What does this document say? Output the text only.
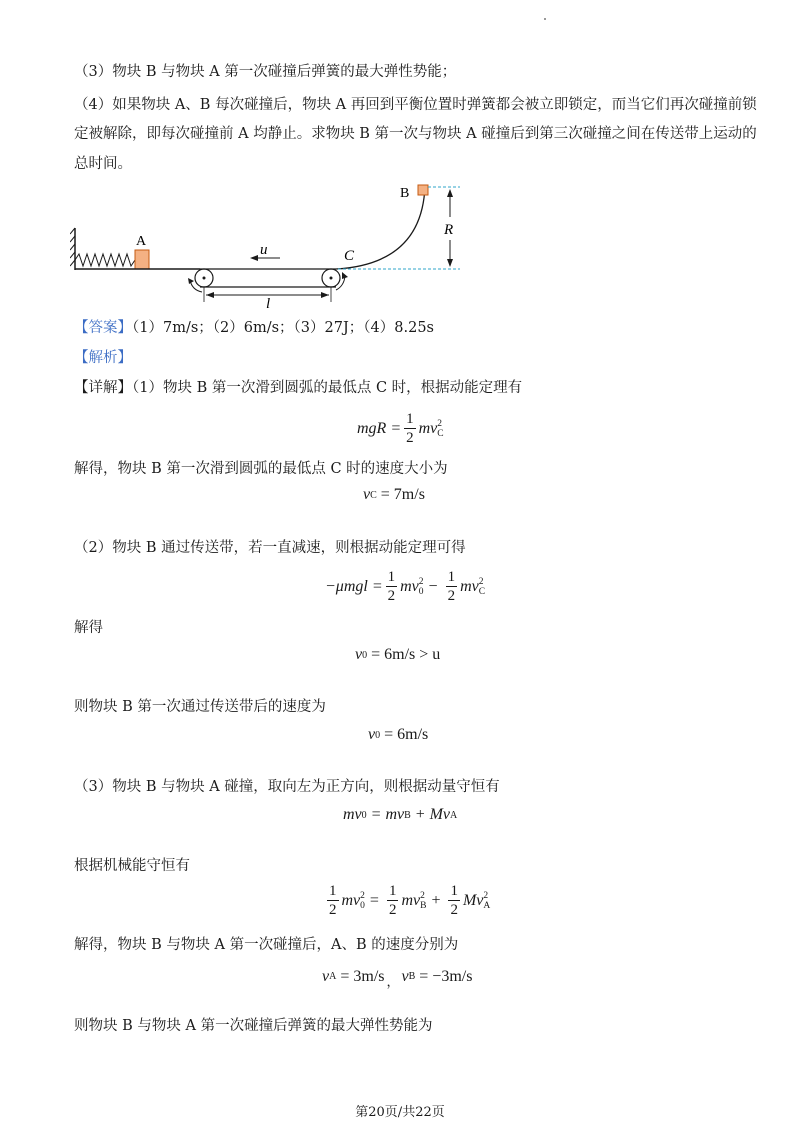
（3）物块 B 与物块 A 第一次碰撞后弹簧的最大弹性势能；
（4）如果物块 A、B 每次碰撞后，物块 A 再回到平衡位置时弹簧都会被立即锁定，而当它们再次碰撞前锁
定被解除，即每次碰撞前 A 均静止。求物块 B 第一次与物块 A 碰撞后到第三次碰撞之间在传送带上运动的
总时间。
A
u
l
C
B
R
【答案】（1）7m/s；（2）6m/s；（3）27J；（4）8.25s
【解析】
【详解】（1）物块 B 第一次滑到圆弧的最低点 C 时，根据动能定理有
mgR = $\frac{1}{2}$ mv 2
C
解得，物块 B 第一次滑到圆弧的最低点 C 时的速度大小为
v C = 7m/s
（2）物块 B 通过传送带，若一直减速，则根据动能定理可得
$-\mu mgl = \frac{1}{2}$ mv 2
$0 - \frac{1}{2}$ mv 2
C
解得
v 0 = 6m/s > u
则物块 B 第一次通过传送带后的速度为
v 0 = 6m/s
（3）物块 B 与物块 A 碰撞，取向左为正方向，则根据动量守恒有
mv 0 = mv B + Mv A
根据机械能守恒有
$\frac{1}{2}$ mv 2
$0 = \frac{1}{2}$ mv 2
$B + \frac{1}{2}$ Mv 2
A
解得，物块 B 与物块 A 第一次碰撞后，A、B 的速度分别为
v A = 3m/s ， v B = −3m/s
则物块 B 与物块 A 第一次碰撞后弹簧的最大弹性势能为
第20页/共22页
